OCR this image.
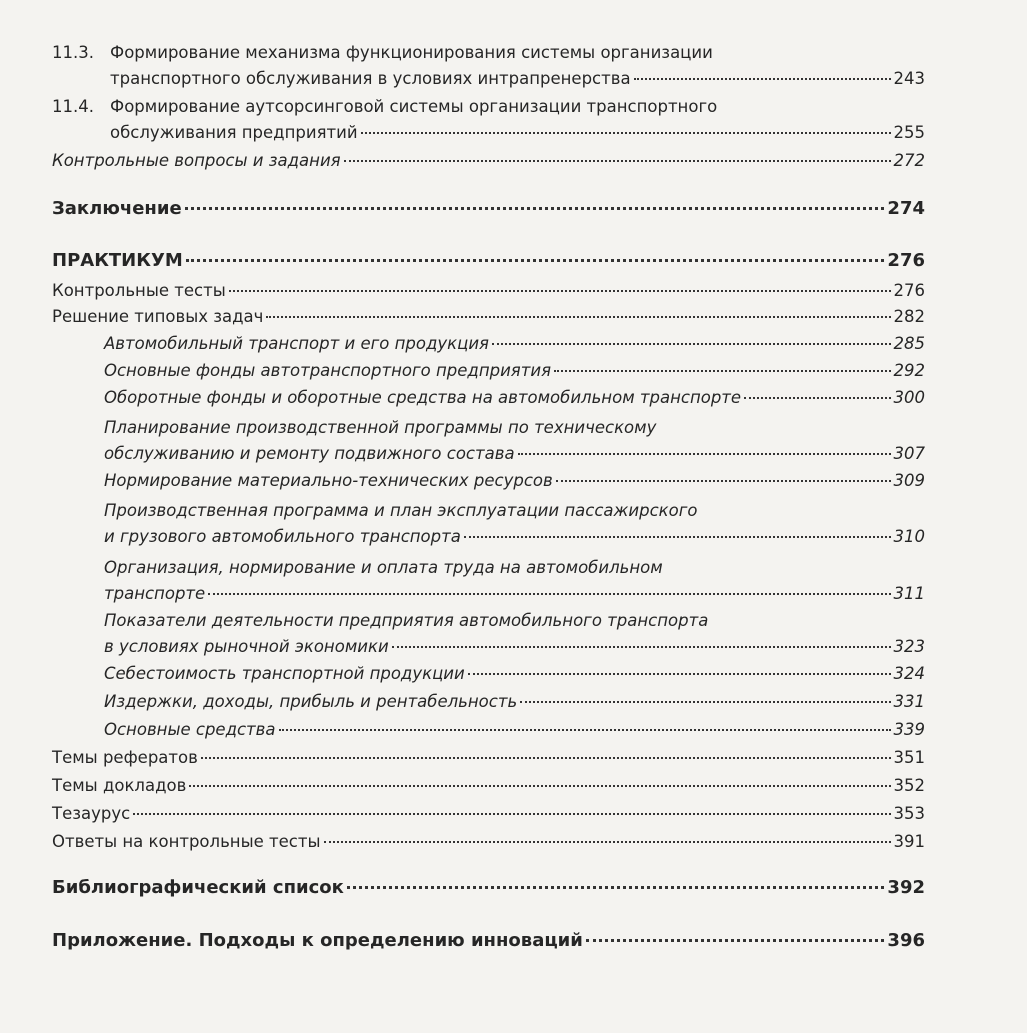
11.3. Формирование механизма функционирования системы организации
транспортного обслуживания в условиях интрапренерства	243
11.4. Формирование аутсорсинговой системы организации транспортного
обслуживания предприятий	255
Контрольные вопросы и задания	272
Заключение	274
ПРАКТИКУМ	276
Контрольные тесты	276
Решение типовых задач	282
Автомобильный транспорт и его продукция	285
Основные фонды автотранспортного предприятия	292
Оборотные фонды и оборотные средства на автомобильном транспорте	300
Планирование производственной программы по техническому
обслуживанию и ремонту подвижного состава	307
Нормирование материально-технических ресурсов	309
Производственная программа и план эксплуатации пассажирского
и грузового автомобильного транспорта	310
Организация, нормирование и оплата труда на автомобильном
транспорте	311
Показатели деятельности предприятия автомобильного транспорта
в условиях рыночной экономики	323
Себестоимость транспортной продукции	324
Издержки, доходы, прибыль и рентабельность	331
Основные средства	339
Темы рефератов	351
Темы докладов	352
Тезаурус	353
Ответы на контрольные тесты	391
Библиографический список	392
Приложение. Подходы к определению инноваций	396
